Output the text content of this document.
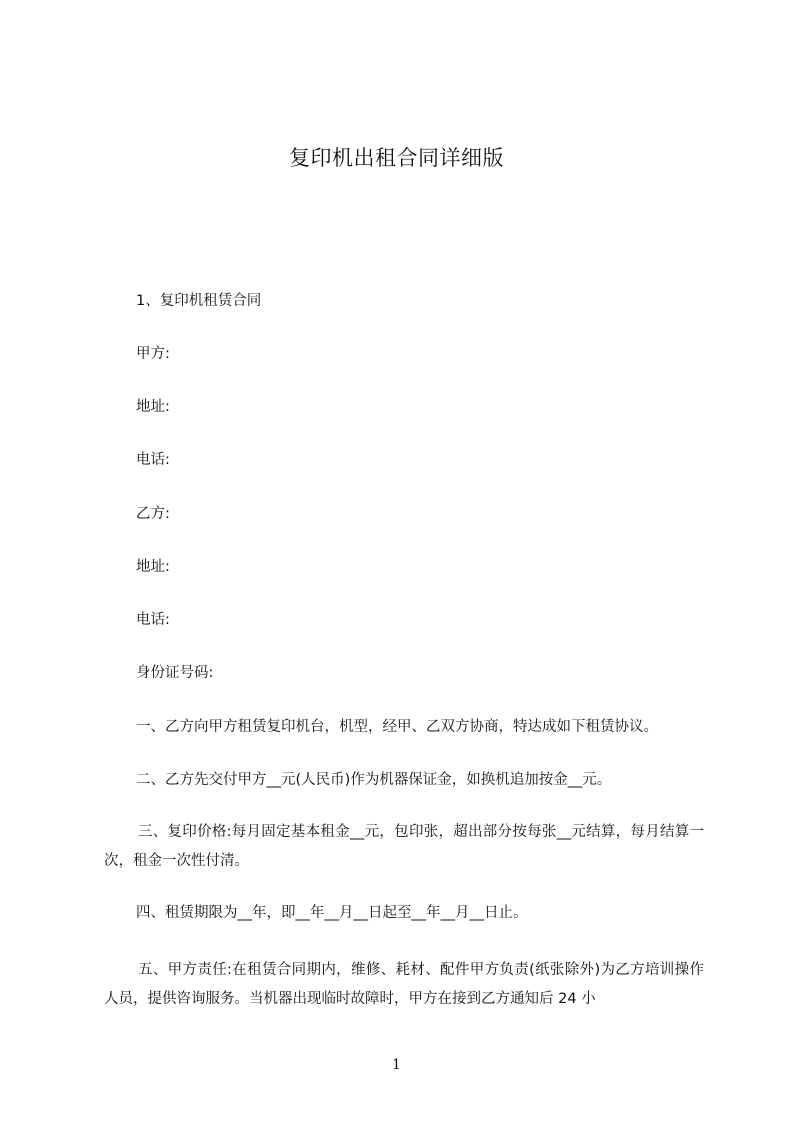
复印机出租合同详细版
1、复印机租赁合同
甲方:
地址:
电话:
乙方:
地址:
电话:
身份证号码:
一、乙方向甲方租赁复印机台，机型，经甲、乙双方协商，特达成如下租赁协议。
二、乙方先交付甲方__元(人民币)作为机器保证金，如换机追加按金__元。
三、复印价格:每月固定基本租金__元，包印张，超出部分按每张__元结算，每月结算一次，租金一次性付清。
四、租赁期限为__年，即__年__月__日起至__年__月__日止。
五、甲方责任:在租赁合同期内，维修、耗材、配件甲方负责(纸张除外)为乙方培训操作人员，提供咨询服务。当机器出现临时故障时，甲方在接到乙方通知后 24 小
1
